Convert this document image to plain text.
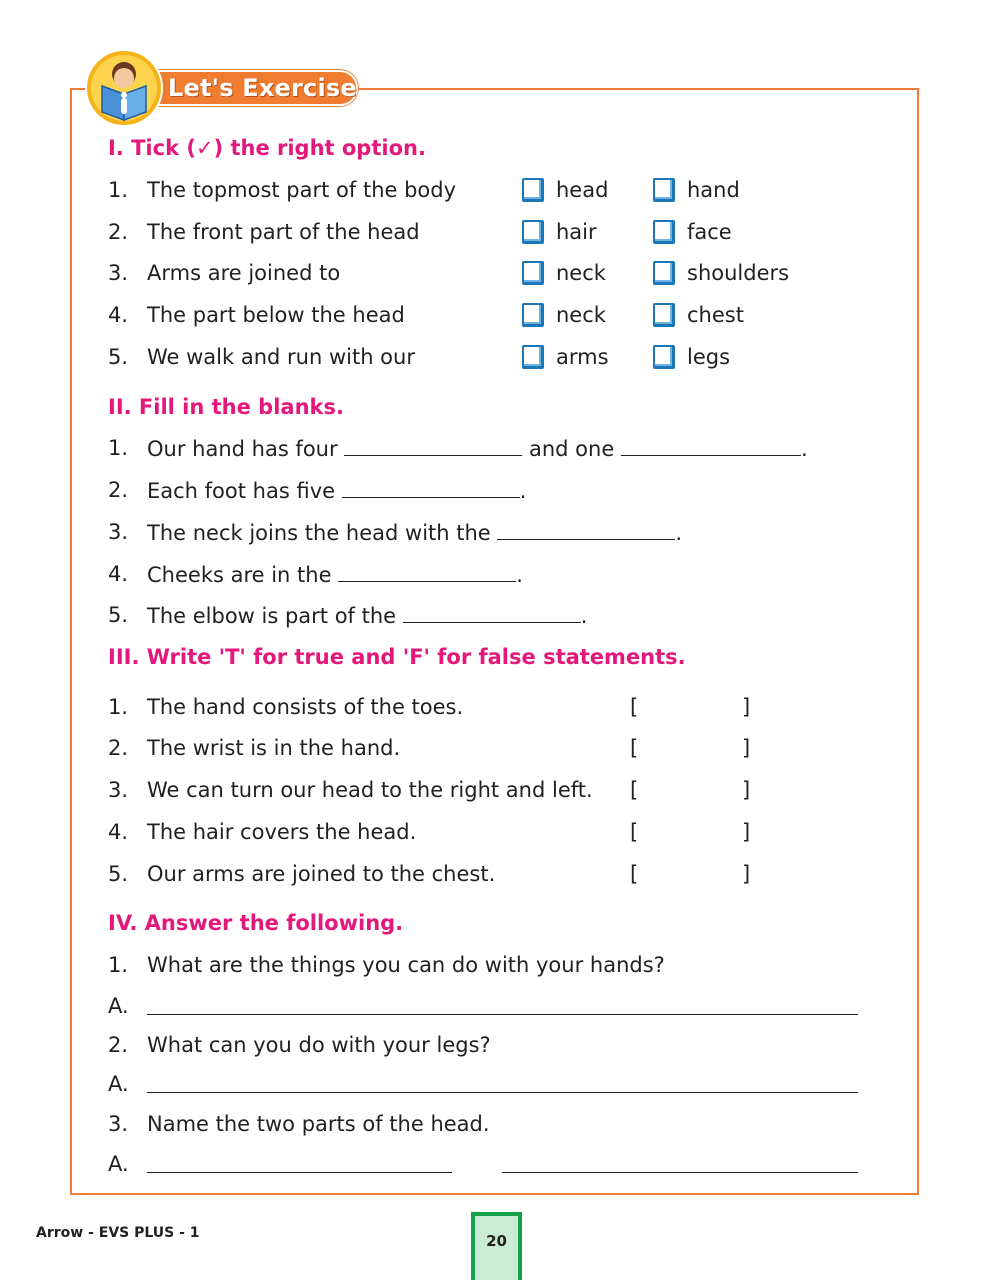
Let's Exercise
I. Tick (✓) the right option.
1. The topmost part of the body	head	hand
2. The front part of the head	hair	face
3. Arms are joined to	neck	shoulders
4. The part below the head	neck	chest
5. We walk and run with our	arms	legs
II. Fill in the blanks.
1. Our hand has four	and one	.
2. Each foot has five	.
3. The neck joins the head with the	.
4. Cheeks are in the	.
5. The elbow is part of the	.
III. Write 'T' for true and 'F' for false statements.
1. The hand consists of the toes.	[	]
2. The wrist is in the hand.	[	]
3. We can turn our head to the right and left. [	]
4. The hair covers the head.	[	]
5. Our arms are joined to the chest.	[	]
IV. Answer the following.
1. What are the things you can do with your hands?
A.
2. What can you do with your legs?
A.
3. Name the two parts of the head.
A.
Arrow - EVS PLUS - 1	20
